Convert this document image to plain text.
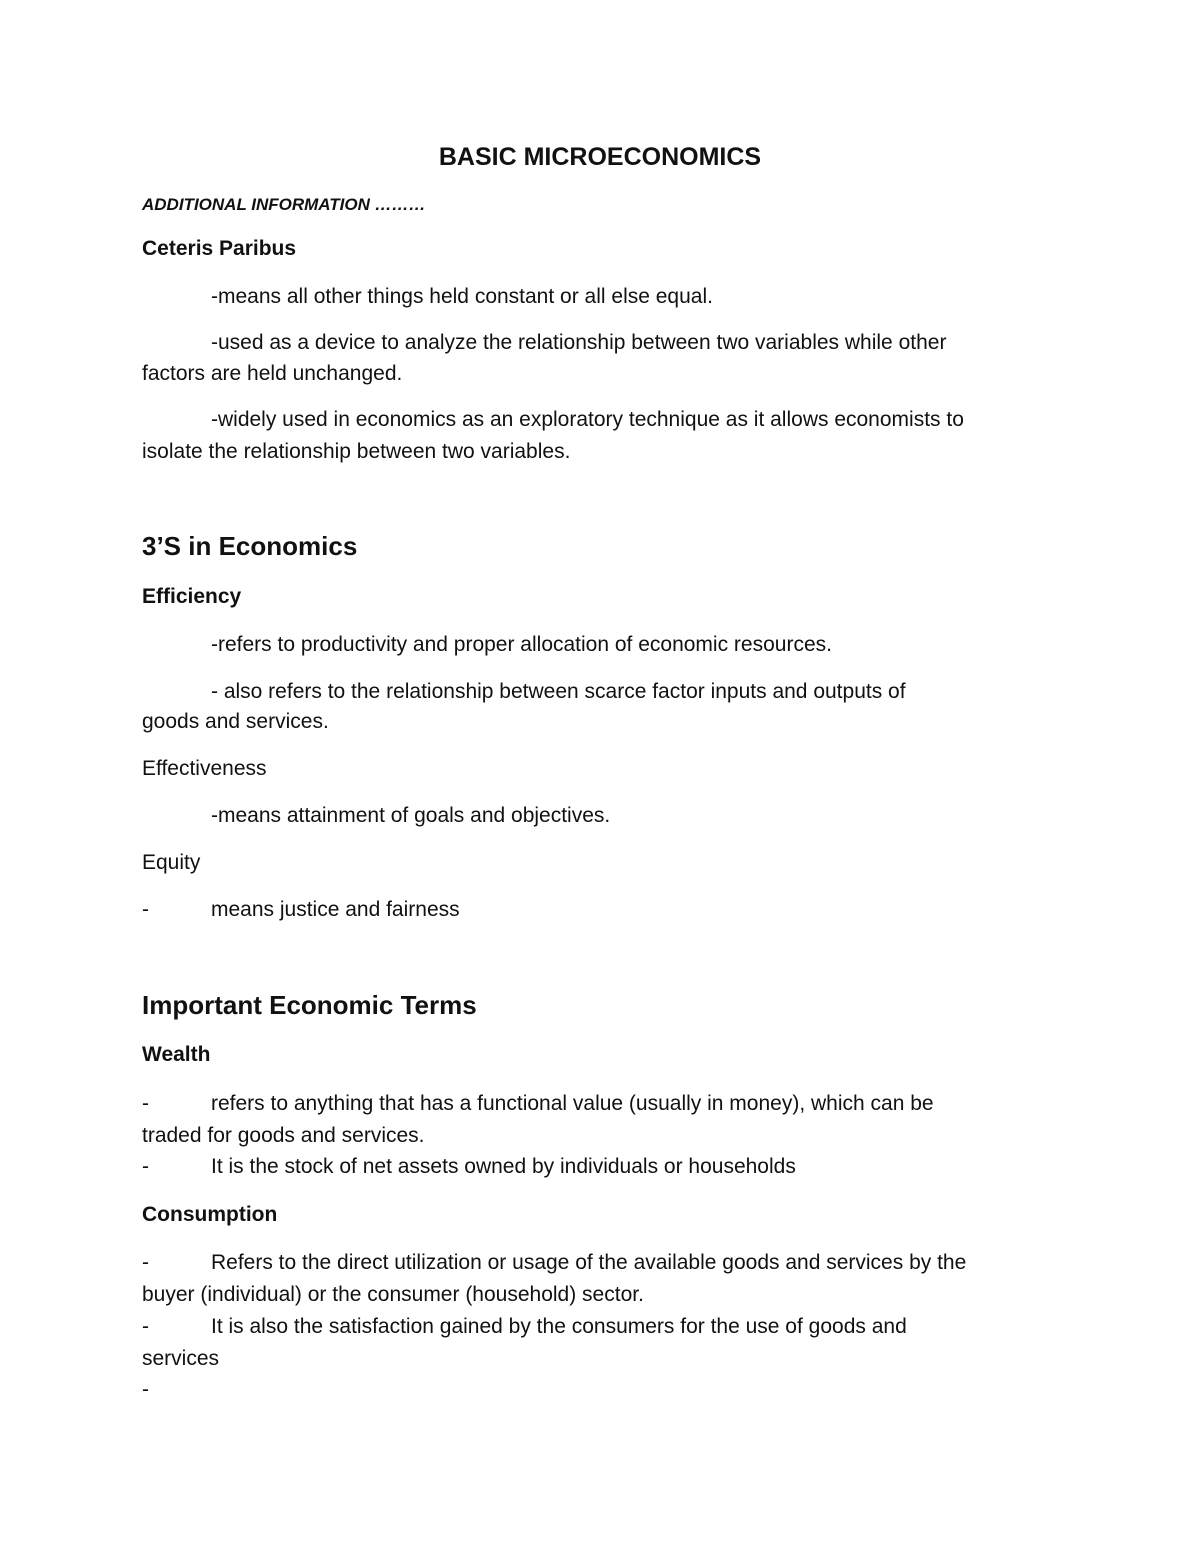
BASIC MICROECONOMICS
ADDITIONAL INFORMATION ………
Ceteris Paribus
-means all other things held constant or all else equal.
-used as a device to analyze the relationship between two variables while other
factors are held unchanged.
-widely used in economics as an exploratory technique as it allows economists to
isolate the relationship between two variables.
3’S in Economics
Efficiency
-refers to productivity and proper allocation of economic resources.
- also refers to the relationship between scarce factor inputs and outputs of
goods and services.
Effectiveness
-means attainment of goals and objectives.
Equity
-	means justice and fairness
Important Economic Terms
Wealth
-	refers to anything that has a functional value (usually in money), which can be
traded for goods and services.
-	It is the stock of net assets owned by individuals or households
Consumption
-	Refers to the direct utilization or usage of the available goods and services by the
buyer (individual) or the consumer (household) sector.
-	It is also the satisfaction gained by the consumers for the use of goods and
services
-
